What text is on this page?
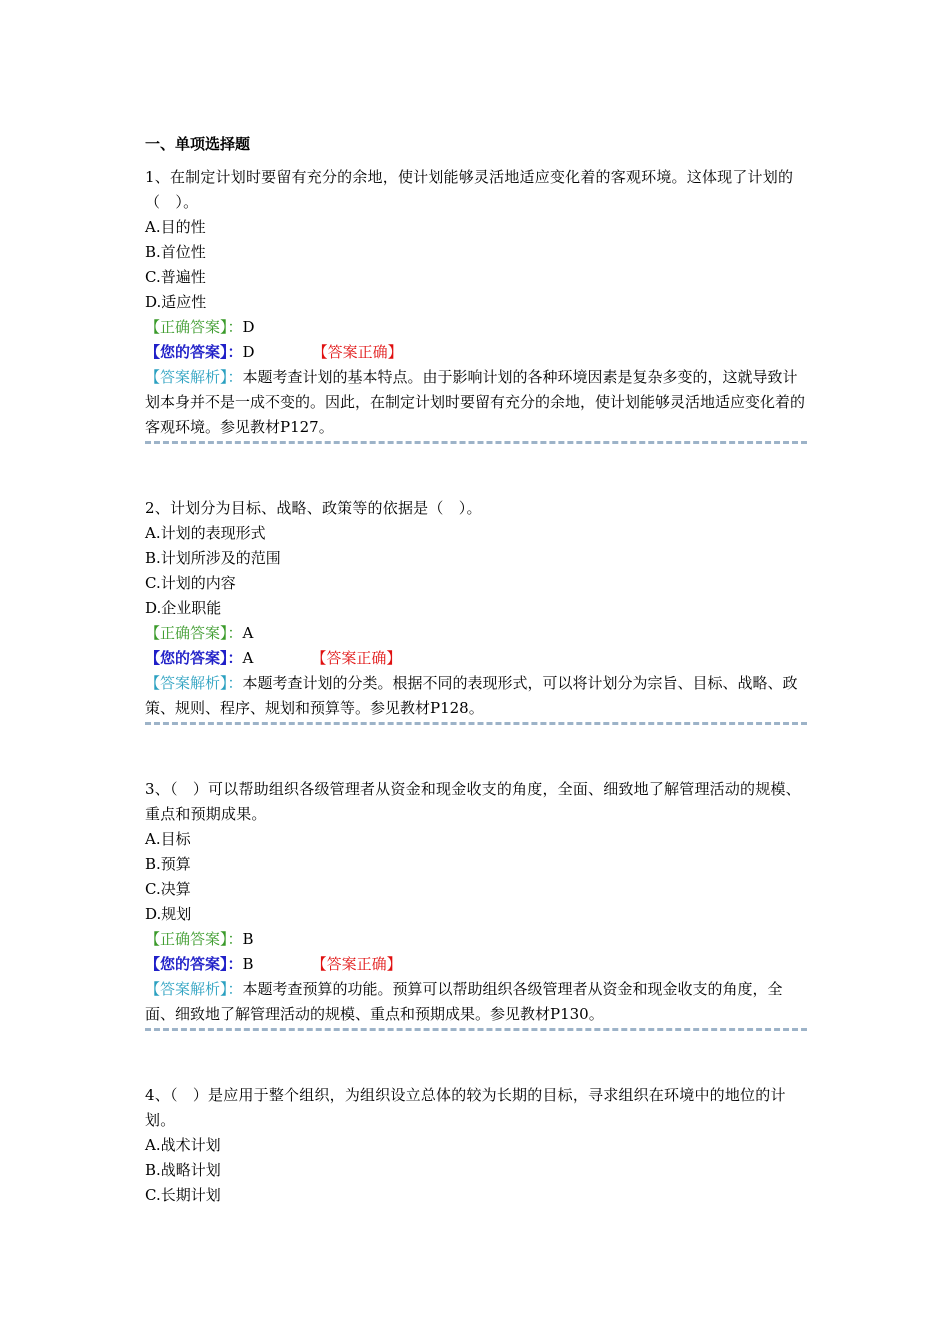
一、单项选择题
1、在制定计划时要留有充分的余地，使计划能够灵活地适应变化着的客观环境。这体现了计划的（　）。
A.目的性
B.首位性
C.普遍性
D.适应性
【正确答案】：D
【您的答案】：D	【答案正确】
【答案解析】：本题考查计划的基本特点。由于影响计划的各种环境因素是复杂多变的，这就导致计划本身并不是一成不变的。因此，在制定计划时要留有充分的余地，使计划能够灵活地适应变化着的客观环境。参见教材P127。
2、计划分为目标、战略、政策等的依据是（　）。
A.计划的表现形式
B.计划所涉及的范围
C.计划的内容
D.企业职能
【正确答案】：A
【您的答案】：A	【答案正确】
【答案解析】：本题考查计划的分类。根据不同的表现形式，可以将计划分为宗旨、目标、战略、政策、规则、程序、规划和预算等。参见教材P128。
3、（　）可以帮助组织各级管理者从资金和现金收支的角度，全面、细致地了解管理活动的规模、重点和预期成果。
A.目标
B.预算
C.决算
D.规划
【正确答案】：B
【您的答案】：B	【答案正确】
【答案解析】：本题考查预算的功能。预算可以帮助组织各级管理者从资金和现金收支的角度，全面、细致地了解管理活动的规模、重点和预期成果。参见教材P130。
4、（　）是应用于整个组织，为组织设立总体的较为长期的目标，寻求组织在环境中的地位的计划。
A.战术计划
B.战略计划
C.长期计划
